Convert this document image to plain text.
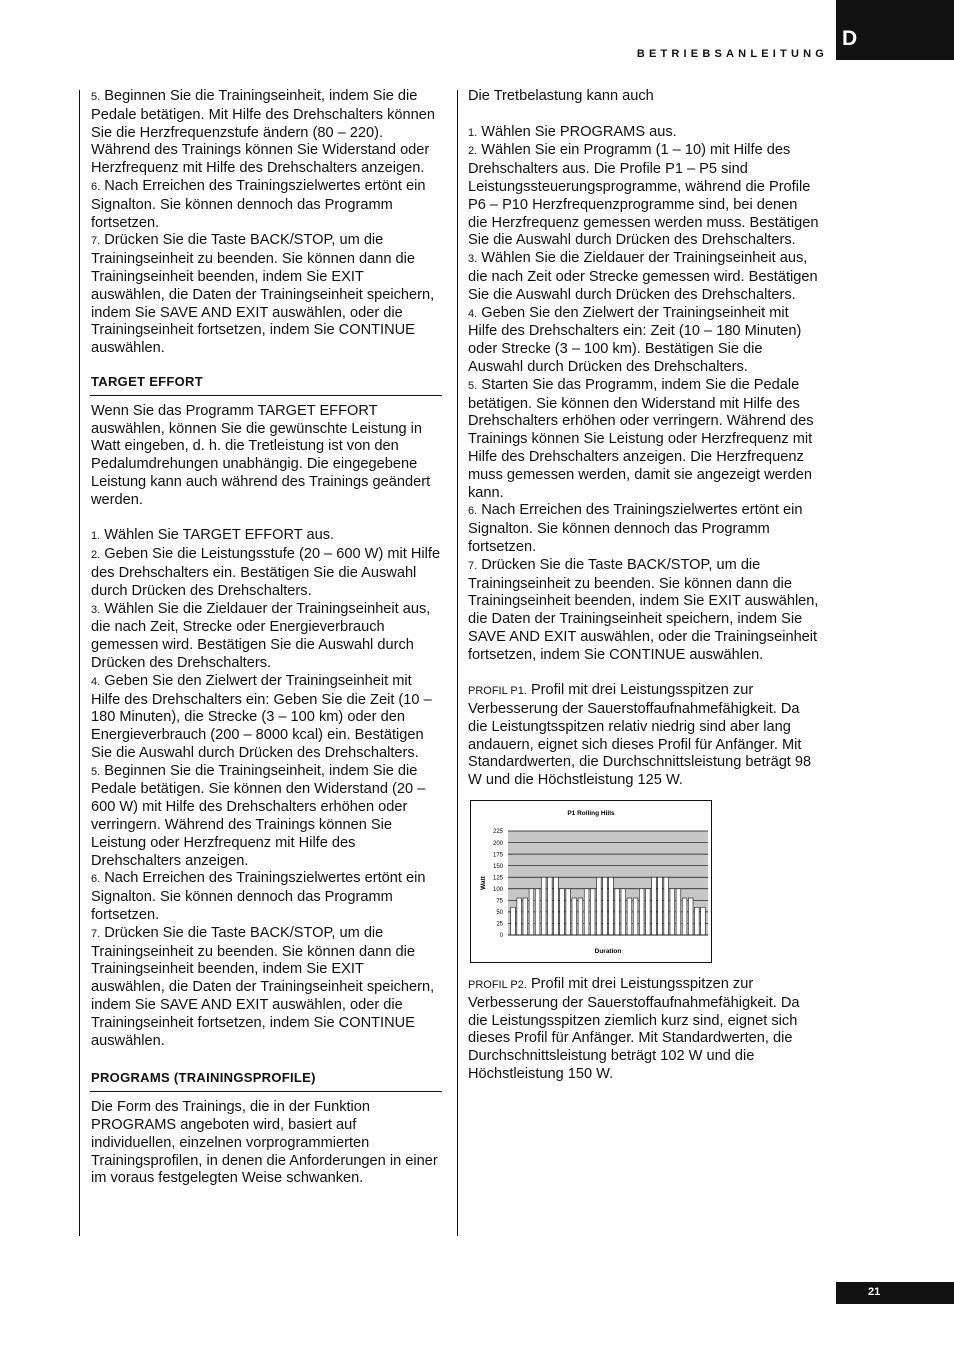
BETRIEBSANLEITUNG
D

5. Beginnen Sie die Trainingseinheit, indem Sie die Pedale betätigen. Mit Hilfe des Drehschalters können Sie die Herzfrequenzstufe ändern (80 – 220). Während des Trainings können Sie Widerstand oder Herzfrequenz mit Hilfe des Drehschalters anzeigen.

6. Nach Erreichen des Trainingszielwertes ertönt ein Signalton. Sie können dennoch das Programm fortsetzen.

7. Drücken Sie die Taste BACK/STOP, um die Trainingseinheit zu beenden. Sie können dann die Trainingseinheit beenden, indem Sie EXIT auswählen, die Daten der Trainingseinheit speichern, indem Sie SAVE AND EXIT auswählen, oder die Trainingseinheit fortsetzen, indem Sie CONTINUE auswählen.

TARGET EFFORT

Wenn Sie das Programm TARGET EFFORT auswählen, können Sie die gewünschte Leistung in Watt eingeben, d. h. die Tretleistung ist von den Pedalumdrehungen unabhängig. Die eingegebene Leistung kann auch während des Trainings geändert werden.

1. Wählen Sie TARGET EFFORT aus.

2. Geben Sie die Leistungsstufe (20 – 600 W) mit Hilfe des Drehschalters ein. Bestätigen Sie die Auswahl durch Drücken des Drehschalters.

3. Wählen Sie die Zieldauer der Trainingseinheit aus, die nach Zeit, Strecke oder Energieverbrauch gemessen wird. Bestätigen Sie die Auswahl durch Drücken des Drehschalters.

4. Geben Sie den Zielwert der Trainingseinheit mit Hilfe des Drehschalters ein: Geben Sie die Zeit (10 – 180 Minuten), die Strecke (3 – 100 km) oder den Energieverbrauch (200 – 8000 kcal) ein. Bestätigen Sie die Auswahl durch Drücken des Drehschalters.

5. Beginnen Sie die Trainingseinheit, indem Sie die Pedale betätigen. Sie können den Widerstand (20 – 600 W) mit Hilfe des Drehschalters erhöhen oder verringern. Während des Trainings können Sie Leistung oder Herzfrequenz mit Hilfe des Drehschalters anzeigen.

6. Nach Erreichen des Trainingszielwertes ertönt ein Signalton. Sie können dennoch das Programm fortsetzen.

7. Drücken Sie die Taste BACK/STOP, um die Trainingseinheit zu beenden. Sie können dann die Trainingseinheit beenden, indem Sie EXIT auswählen, die Daten der Trainingseinheit speichern, indem Sie SAVE AND EXIT auswählen, oder die Trainingseinheit fortsetzen, indem Sie CONTINUE auswählen.

PROGRAMS (TRAININGSPROFILE)

Die Form des Trainings, die in der Funktion PROGRAMS angeboten wird, basiert auf individuellen, einzelnen vorprogrammierten Trainingsprofilen, in denen die Anforderungen in einer im voraus festgelegten Weise schwanken.

Die Tretbelastung kann auch

1. Wählen Sie PROGRAMS aus.

2. Wählen Sie ein Programm (1 – 10) mit Hilfe des Drehschalters aus. Die Profile P1 – P5 sind Leistungssteuerungsprogramme, während die Profile P6 – P10 Herzfrequenzprogramme sind, bei denen die Herzfrequenz gemessen werden muss. Bestätigen Sie die Auswahl durch Drücken des Drehschalters.

3. Wählen Sie die Zieldauer der Trainingseinheit aus, die nach Zeit oder Strecke gemessen wird. Bestätigen Sie die Auswahl durch Drücken des Drehschalters.

4. Geben Sie den Zielwert der Trainingseinheit mit Hilfe des Drehschalters ein: Zeit (10 – 180 Minuten) oder Strecke (3 – 100 km). Bestätigen Sie die Auswahl durch Drücken des Drehschalters.

5. Starten Sie das Programm, indem Sie die Pedale betätigen. Sie können den Widerstand mit Hilfe des Drehschalters erhöhen oder verringern. Während des Trainings können Sie Leistung oder Herzfrequenz mit Hilfe des Drehschalters anzeigen. Die Herzfrequenz muss gemessen werden, damit sie angezeigt werden kann.

6. Nach Erreichen des Trainingszielwertes ertönt ein Signalton. Sie können dennoch das Programm fortsetzen.

7. Drücken Sie die Taste BACK/STOP, um die Trainingseinheit zu beenden. Sie können dann die Trainingseinheit beenden, indem Sie EXIT auswählen, die Daten der Trainingseinheit speichern, indem Sie SAVE AND EXIT auswählen, oder die Trainingseinheit fortsetzen, indem Sie CONTINUE auswählen.

PROFIL P1. Profil mit drei Leistungsspitzen zur Verbesserung der Sauerstoffaufnahmefähigkeit. Da die Leistungtsspitzen relativ niedrig sind aber lang andauern, eignet sich dieses Profil für Anfänger. Mit Standardwerten, die Durchschnittsleistung beträgt 98 W und die Höchstleistung 125 W.

P1 Rolling Hills
Watt
0
25
50
75
100
125
150
175
200
225
Duration

PROFIL P2. Profil mit drei Leistungsspitzen zur Verbesserung der Sauerstoffaufnahmefähigkeit. Da die Leistungsspitzen ziemlich kurz sind, eignet sich dieses Profil für Anfänger. Mit Standardwerten, die Durchschnittsleistung beträgt 102 W und die Höchstleistung 150 W.

21
